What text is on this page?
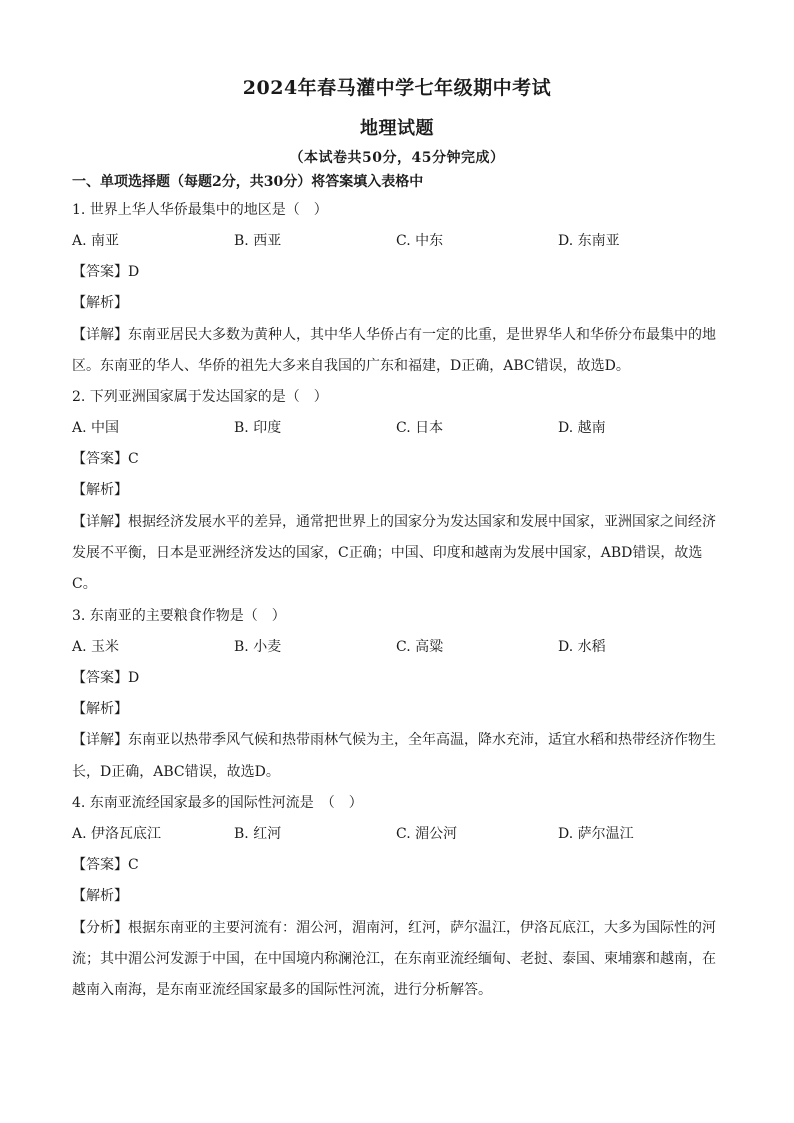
2024年春马灌中学七年级期中考试
地理试题
（本试卷共50分，45分钟完成）
一、单项选择题（每题2分，共30分）将答案填入表格中
1. 世界上华人华侨最集中的地区是（　）
A. 南亚	B. 西亚	C. 中东	D. 东南亚
【答案】D
【解析】
【详解】东南亚居民大多数为黄种人，其中华人华侨占有一定的比重，是世界华人和华侨分布最集中的地
区。东南亚的华人、华侨的祖先大多来自我国的广东和福建，D正确，ABC错误，故选D。
2. 下列亚洲国家属于发达国家的是（　）
A. 中国	B. 印度	C. 日本	D. 越南
【答案】C
【解析】
【详解】根据经济发展水平的差异，通常把世界上的国家分为发达国家和发展中国家，亚洲国家之间经济
发展不平衡，日本是亚洲经济发达的国家，C正确；中国、印度和越南为发展中国家，ABD错误，故选
C。
3. 东南亚的主要粮食作物是（　）
A. 玉米	B. 小麦	C. 高粱	D. 水稻
【答案】D
【解析】
【详解】东南亚以热带季风气候和热带雨林气候为主，全年高温，降水充沛，适宜水稻和热带经济作物生
长，D正确，ABC错误，故选D。
4. 东南亚流经国家最多的国际性河流是　（　）
A. 伊洛瓦底江	B. 红河	C. 湄公河	D. 萨尔温江
【答案】C
【解析】
【分析】根据东南亚的主要河流有：湄公河，湄南河，红河，萨尔温江，伊洛瓦底江，大多为国际性的河
流；其中湄公河发源于中国，在中国境内称澜沧江，在东南亚流经缅甸、老挝、泰国、柬埔寨和越南，在
越南入南海，是东南亚流经国家最多的国际性河流，进行分析解答。
